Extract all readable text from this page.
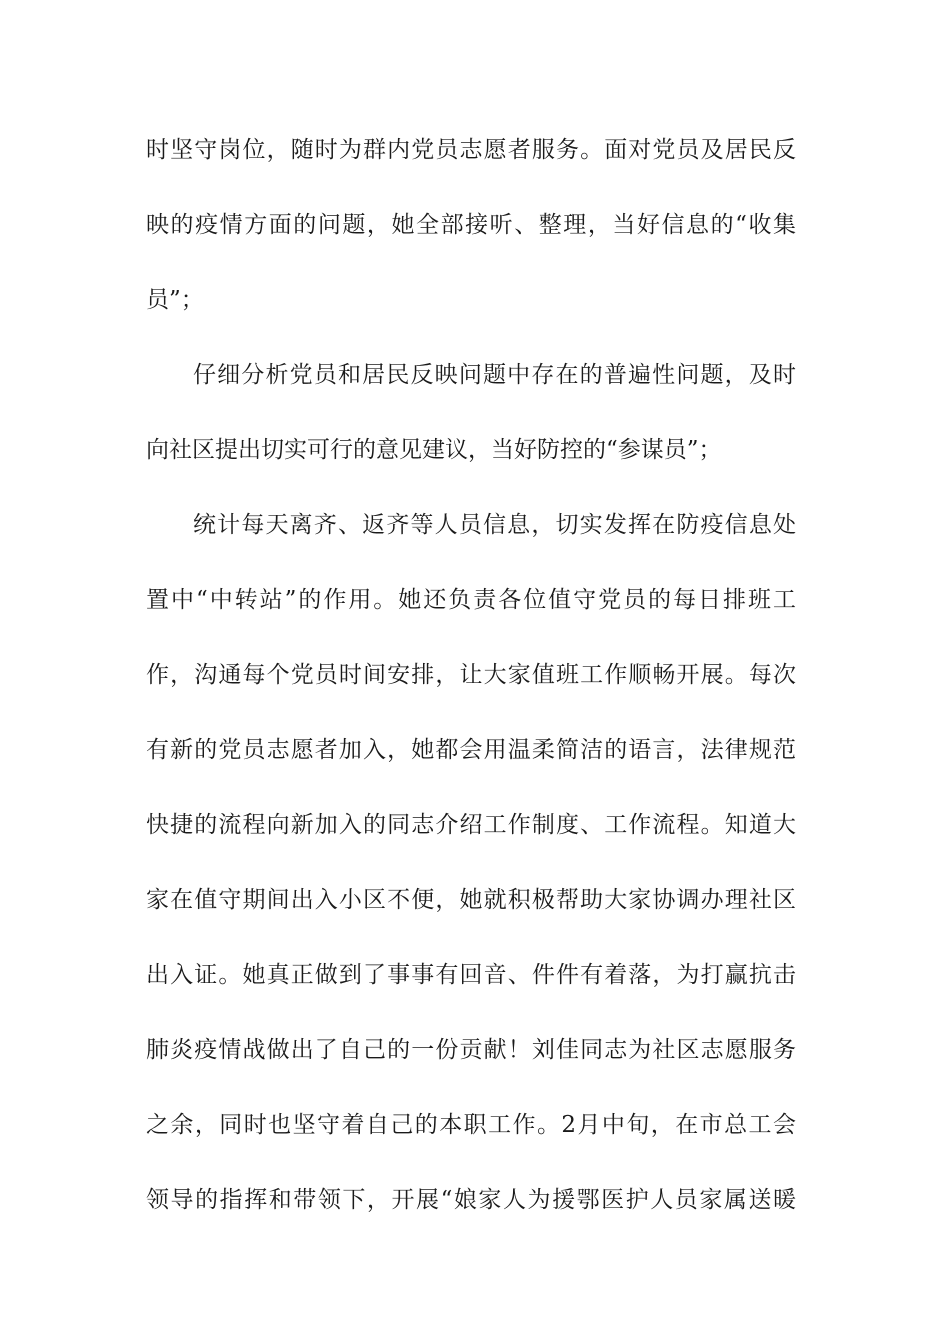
时坚守岗位，随时为群内党员志愿者服务。面对党员及居民反
映的疫情方面的问题，她全部接听、整理，当好信息的“收集
员”；
仔细分析党员和居民反映问题中存在的普遍性问题，及时
向社区提出切实可行的意见建议，当好防控的“参谋员”；
统计每天离齐、返齐等人员信息，切实发挥在防疫信息处
置中“中转站”的作用。她还负责各位值守党员的每日排班工
作，沟通每个党员时间安排，让大家值班工作顺畅开展。每次
有新的党员志愿者加入，她都会用温柔简洁的语言，法律规范
快捷的流程向新加入的同志介绍工作制度、工作流程。知道大
家在值守期间出入小区不便，她就积极帮助大家协调办理社区
出入证。她真正做到了事事有回音、件件有着落，为打赢抗击
肺炎疫情战做出了自己的一份贡献！刘佳同志为社区志愿服务
之余，同时也坚守着自己的本职工作。2月中旬，在市总工会
领导的指挥和带领下，开展“娘家人为援鄂医护人员家属送暖
